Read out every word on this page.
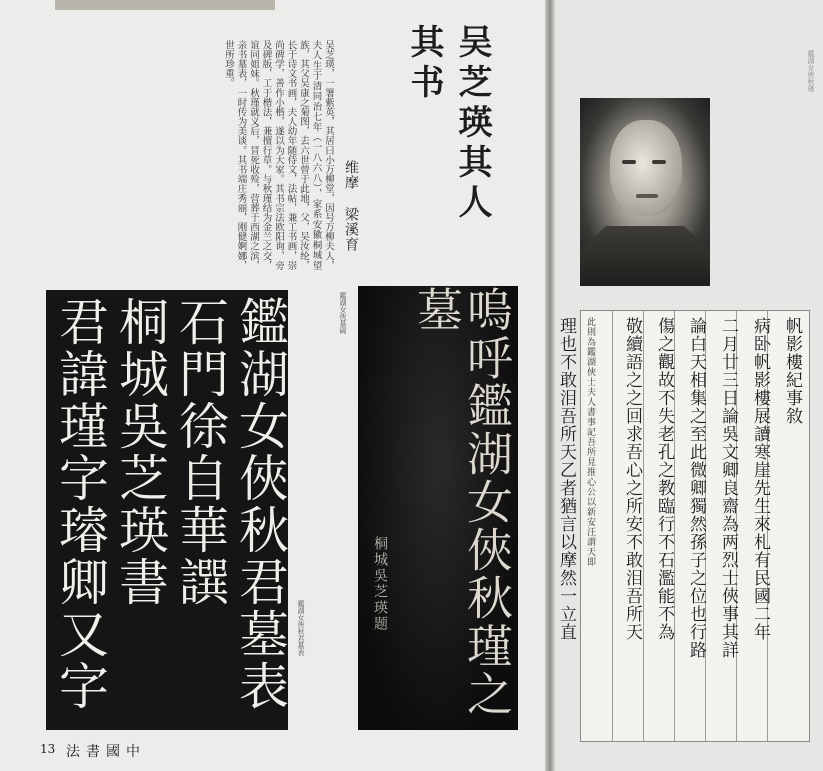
吴芝瑛其人其书
维摩 梁溪育
吴芝瑛，一署紫英，其居曰小万柳堂，因号万柳夫人，夫人生于清同治七年（一八六八），家系安徽桐城望族，其父吴康之菊图，去六世曾于此地，父，吴汝纶，长于诗文书画，夫人幼年随侍文，法帖，兼工书画，崇尚碑学，善作小楷，遂以为大家。其书宗法欧阳询，旁及碑版，工于楷法，兼擅行草。与秋瑾结为金兰之交，谊同姐妹。秋瑾就义后，冒死收殓，营葬于西湖之滨，亲书墓表，一时传为美谈。其书端庄秀丽，刚健婀娜，世所珍重。
鑑湖女俠秋君墓表
石門徐自華譔
桐城吳芝瑛書
君諱瑾字璿卿又字	鑑湖女俠秋君墓表	嗚呼鑑湖女俠秋瑾之墓
桐城吳芝瑛题
鑑湖女俠墓碣
13 中國書法
鑑湖女俠秋瑾
帆影樓紀事敘
病卧帆影樓展讀寒崖先生來札有民國二年
二月廿三日論吳文卿良齋為两烈士俠事其詳
論白天相集之至此微卿獨然孫子之位也行路
傷之觀故不失老孔之教臨行不石濫能不為
敬續語之之回求吾心之所安不敢泪吾所天
此則為鑑湖俠士夫人書事記吾所見推心公以新安汪謂天即
理也不敢泪吾所天乙者猶言以摩然一立直
